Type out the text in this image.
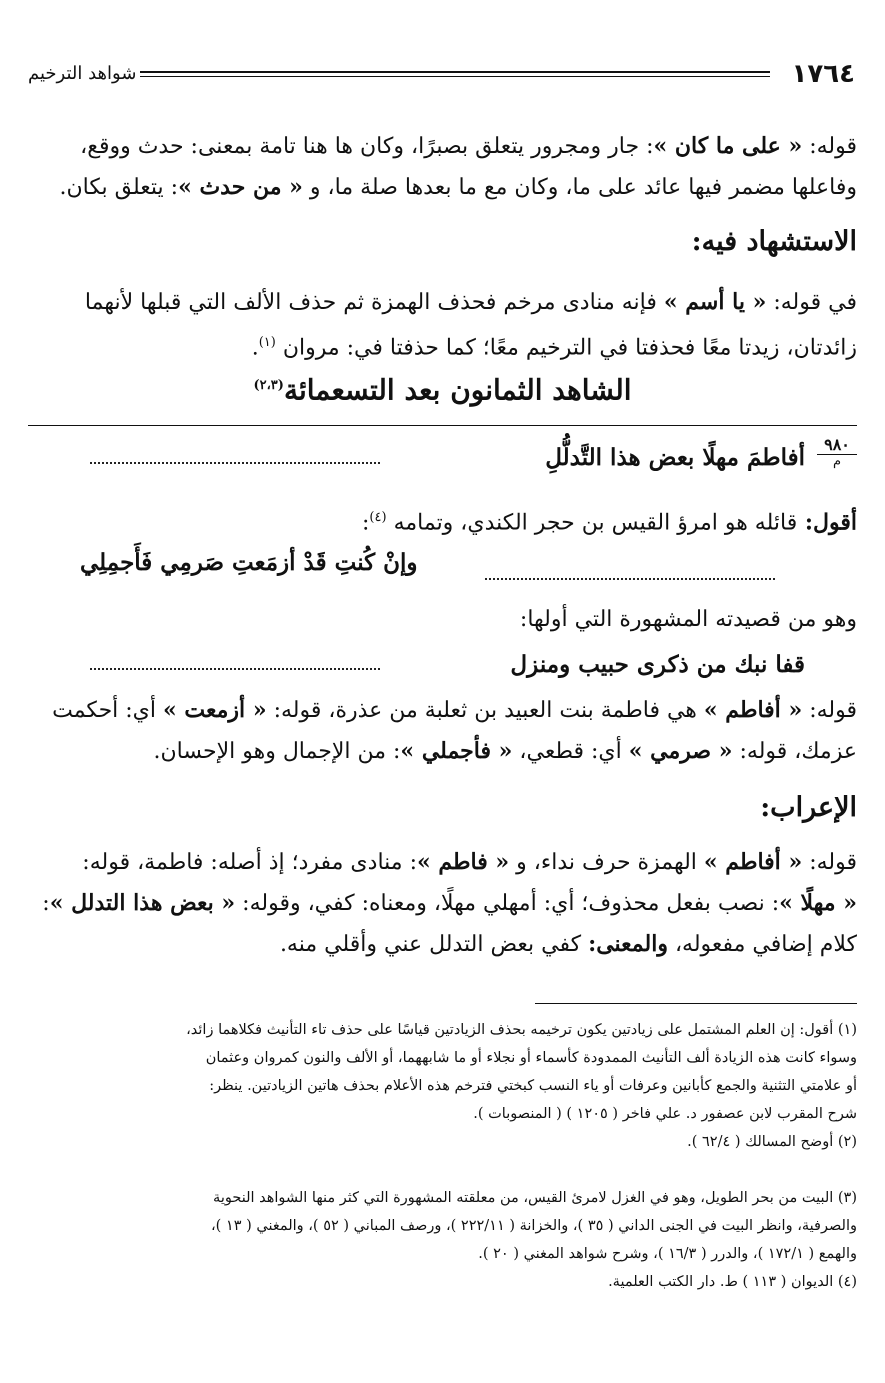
١٧٦٤
شواهد الترخيم
قوله: « على ما كان »: جار ومجرور يتعلق بصبرًا، وكان ها هنا تامة بمعنى: حدث ووقع،
وفاعلها مضمر فيها عائد على ما، وكان مع ما بعدها صلة ما، و « من حدث »: يتعلق بكان.
الاستشهاد فيه:
في قوله: « يا أسم » فإنه منادى مرخم فحذف الهمزة ثم حذف الألف التي قبلها لأنهما
زائدتان، زيدتا معًا فحذفتا في الترخيم معًا؛ كما حذفتا في: مروان $^{(١)}$.
الشاهد الثمانون بعد التسعمائة$^{(٢،٣)}$
٩٨٠
م
أفاطمَ مهلًا بعض هذا التَّدلُّلِ
أقول: قائله هو امرؤ القيس بن حجر الكندي، وتمامه $^{(٤)}$:
وإنْ كُنتِ قَدْ أزمَعتِ صَرمِي فَأَجمِلِي
وهو من قصيدته المشهورة التي أولها:
قفا نبك من ذكرى حبيب ومنزل
قوله: « أفاطم » هي فاطمة بنت العبيد بن ثعلبة من عذرة، قوله: « أزمعت » أي: أحكمت
عزمك، قوله: « صرمي » أي: قطعي، « فأجملي »: من الإجمال وهو الإحسان.
الإعراب:
قوله: « أفاطم » الهمزة حرف نداء، و « فاطم »: منادى مفرد؛ إذ أصله: فاطمة، قوله:
« مهلًا »: نصب بفعل محذوف؛ أي: أمهلي مهلًا، ومعناه: كفي، وقوله: « بعض هذا التدلل »:
كلام إضافي مفعوله، والمعنى: كفي بعض التدلل عني وأقلي منه.
(١) أقول: إن العلم المشتمل على زيادتين يكون ترخيمه بحذف الزيادتين قياسًا على حذف تاء التأنيث فكلاهما زائد،
وسواء كانت هذه الزيادة ألف التأنيث الممدودة كأسماء أو نجلاء أو ما شابههما، أو الألف والنون كمروان وعثمان
أو علامتي التثنية والجمع كأبانين وعرفات أو ياء النسب كبختي فترخم هذه الأعلام بحذف هاتين الزيادتين. ينظر:
شرح المقرب لابن عصفور د. علي فاخر ( ١٢٠٥ ) ( المنصوبات ).
(٢) أوضح المسالك ( ٦٢/٤ ).
(٣) البيت من بحر الطويل، وهو في الغزل لامرئ القيس، من معلقته المشهورة التي كثر منها الشواهد النحوية
والصرفية، وانظر البيت في الجنى الداني ( ٣٥ )، والخزانة ( ٢٢٢/١١ )، ورصف المباني ( ٥٢ )، والمغني ( ١٣ )،
والهمع ( ١٧٢/١ )، والدرر ( ١٦/٣ )، وشرح شواهد المغني ( ٢٠ ).
(٤) الديوان ( ١١٣ ) ط. دار الكتب العلمية.
